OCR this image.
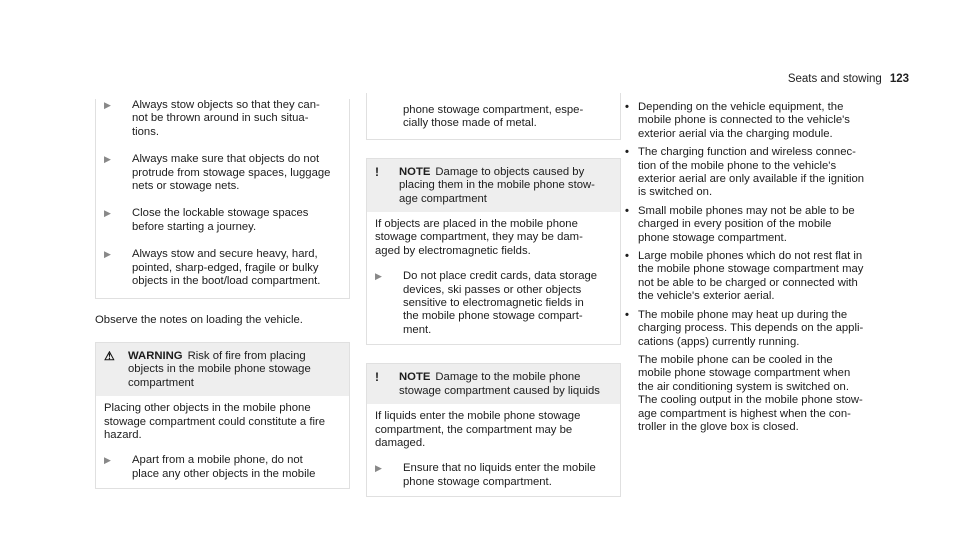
Seats and stowing 123
▶	Always stow objects so that they can-
not be thrown around in such situa-
tions.
▶	Always make sure that objects do not
protrude from stowage spaces, luggage
nets or stowage nets.
▶	Close the lockable stowage spaces
before starting a journey.
▶	Always stow and secure heavy, hard,
pointed, sharp-edged, fragile or bulky
objects in the boot/load compartment.
Observe the notes on loading the vehicle.
⚠	WARNING Risk of fire from placing
objects in the mobile phone stowage
compartment
Placing other objects in the mobile phone
stowage compartment could constitute a fire
hazard.
▶	Apart from a mobile phone, do not
place any other objects in the mobile
phone stowage compartment, espe-
cially those made of metal.
!	NOTE Damage to objects caused by
placing them in the mobile phone stow-
age compartment
If objects are placed in the mobile phone
stowage compartment, they may be dam-
aged by electromagnetic fields.
▶	Do not place credit cards, data storage
devices, ski passes or other objects
sensitive to electromagnetic fields in
the mobile phone stowage compart-
ment.
!	NOTE Damage to the mobile phone
stowage compartment caused by liquids
If liquids enter the mobile phone stowage
compartment, the compartment may be
damaged.
▶	Ensure that no liquids enter the mobile
phone stowage compartment.
• Depending on the vehicle equipment, the
mobile phone is connected to the vehicle's
exterior aerial via the charging module.
• The charging function and wireless connec-
tion of the mobile phone to the vehicle's
exterior aerial are only available if the ignition
is switched on.
• Small mobile phones may not be able to be
charged in every position of the mobile
phone stowage compartment.
• Large mobile phones which do not rest flat in
the mobile phone stowage compartment may
not be able to be charged or connected with
the vehicle's exterior aerial.
• The mobile phone may heat up during the
charging process. This depends on the appli-
cations (apps) currently running.
The mobile phone can be cooled in the
mobile phone stowage compartment when
the air conditioning system is switched on.
The cooling output in the mobile phone stow-
age compartment is highest when the con-
troller in the glove box is closed.
